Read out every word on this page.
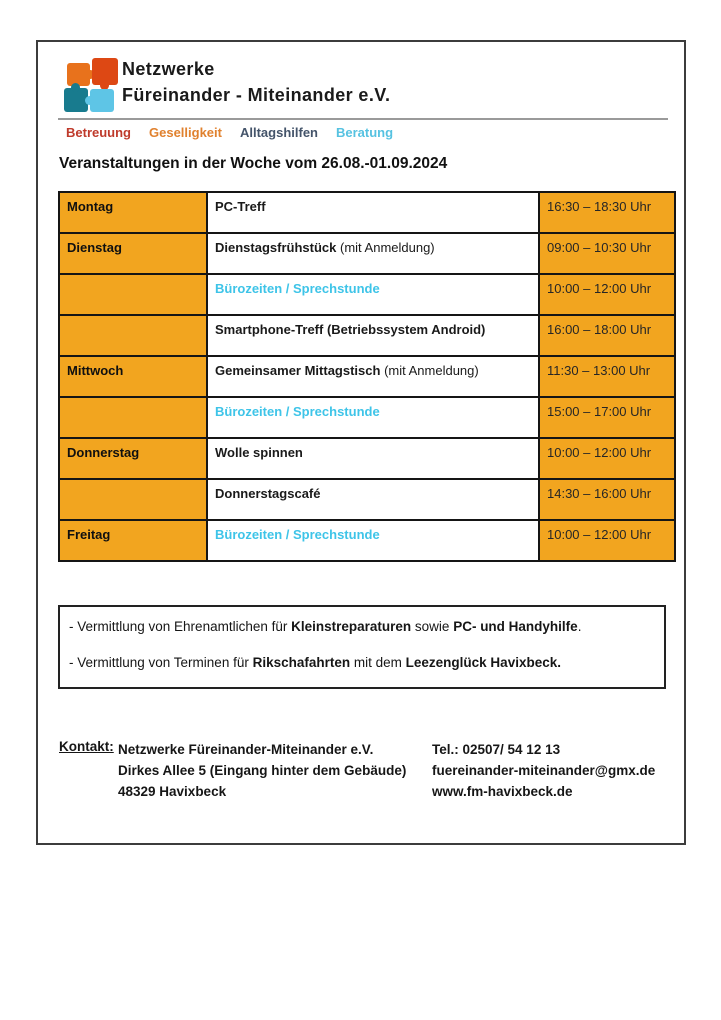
Netzwerke
Füreinander - Miteinander e.V.
Betreuung Geselligkeit Alltagshilfen Beratung
Veranstaltungen in der Woche vom 26.08.-01.09.2024
Montag	PC-Treff	16:30 – 18:30 Uhr
Dienstag	Dienstagsfrühstück (mit Anmeldung)	09:00 – 10:30 Uhr
	Bürozeiten / Sprechstunde	10:00 – 12:00 Uhr
	Smartphone-Treff (Betriebssystem Android)	16:00 – 18:00 Uhr
Mittwoch	Gemeinsamer Mittagstisch (mit Anmeldung)	11:30 – 13:00 Uhr
	Bürozeiten / Sprechstunde	15:00 – 17:00 Uhr
Donnerstag	Wolle spinnen	10:00 – 12:00 Uhr
	Donnerstagscafé	14:30 – 16:00 Uhr
Freitag	Bürozeiten / Sprechstunde	10:00 – 12:00 Uhr

- Vermittlung von Ehrenamtlichen für Kleinstreparaturen sowie PC- und Handyhilfe.

- Vermittlung von Terminen für Rikschafahrten mit dem Leezenglück Havixbeck.

Kontakt: Netzwerke Füreinander-Miteinander e.V.
Dirkes Allee 5 (Eingang hinter dem Gebäude)
48329 Havixbeck
Tel.: 02507/ 54 12 13
fuereinander-miteinander@gmx.de
www.fm-havixbeck.de
